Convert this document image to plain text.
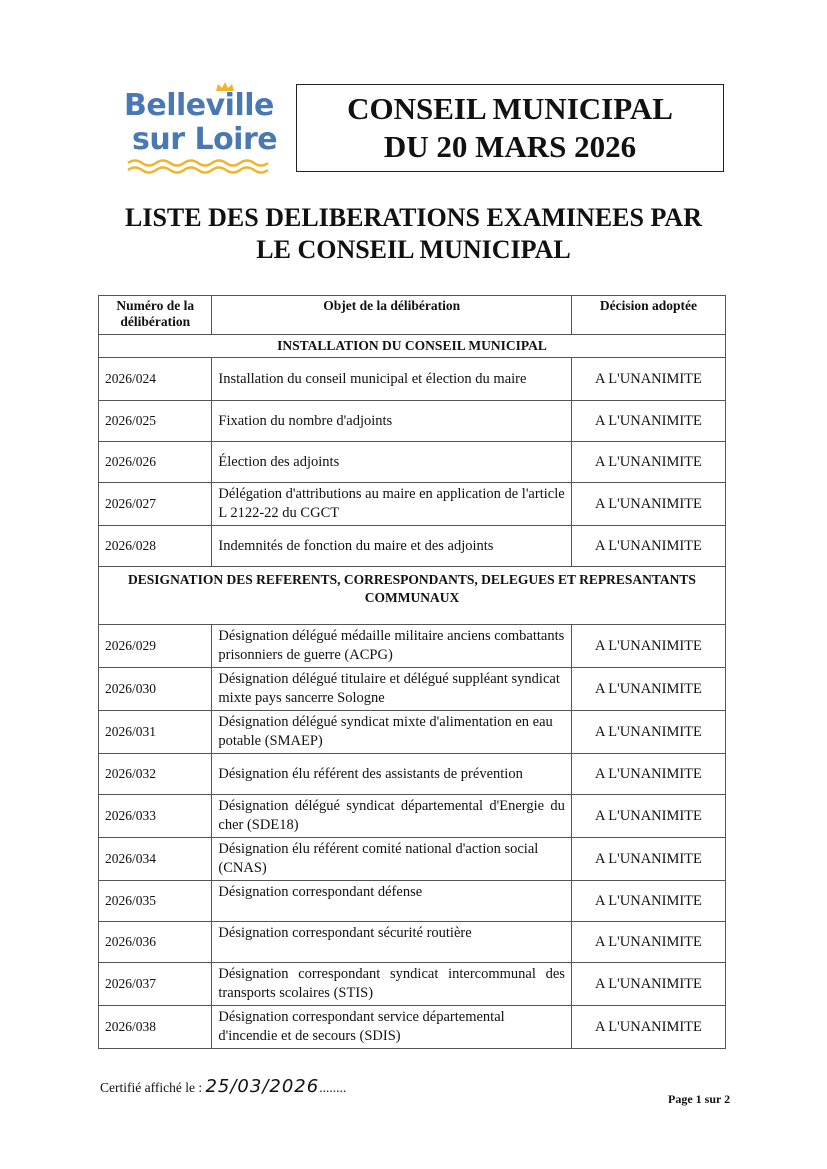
Belleville
sur Loire
CONSEIL MUNICIPAL
DU 20 MARS 2026
LISTE DES DELIBERATIONS EXAMINEES PAR
LE CONSEIL MUNICIPAL
Numéro de la délibération	Objet de la délibération	Décision adoptée
INSTALLATION DU CONSEIL MUNICIPAL		
2026/024	Installation du conseil municipal et élection du maire	A L'UNANIMITE
2026/025	Fixation du nombre d'adjoints	A L'UNANIMITE
2026/026	Élection des adjoints	A L'UNANIMITE
2026/027	Délégation d'attributions au maire en application de l'article L 2122-22 du CGCT	A L'UNANIMITE
2026/028	Indemnités de fonction du maire et des adjoints	A L'UNANIMITE
DESIGNATION DES REFERENTS, CORRESPONDANTS, DELEGUES ET REPRESANTANTS COMMUNAUX		
2026/029	Désignation délégué médaille militaire anciens combattants prisonniers de guerre (ACPG)	A L'UNANIMITE
2026/030	Désignation délégué titulaire et délégué suppléant syndicat mixte pays sancerre Sologne	A L'UNANIMITE
2026/031	Désignation délégué syndicat mixte d'alimentation en eau potable (SMAEP)	A L'UNANIMITE
2026/032	Désignation élu référent des assistants de prévention	A L'UNANIMITE
2026/033	Désignation délégué syndicat départemental d'Energie du cher (SDE18)	A L'UNANIMITE
2026/034	Désignation élu référent comité national d'action social (CNAS)	A L'UNANIMITE
2026/035	Désignation correspondant défense	A L'UNANIMITE
2026/036	Désignation correspondant sécurité routière	A L'UNANIMITE
2026/037	Désignation correspondant syndicat intercommunal des transports scolaires (STIS)	A L'UNANIMITE
2026/038	Désignation correspondant service départemental d'incendie et de secours (SDIS)	A L'UNANIMITE
Certifié affiché le : 25/03/2026........
Page 1 sur 2
